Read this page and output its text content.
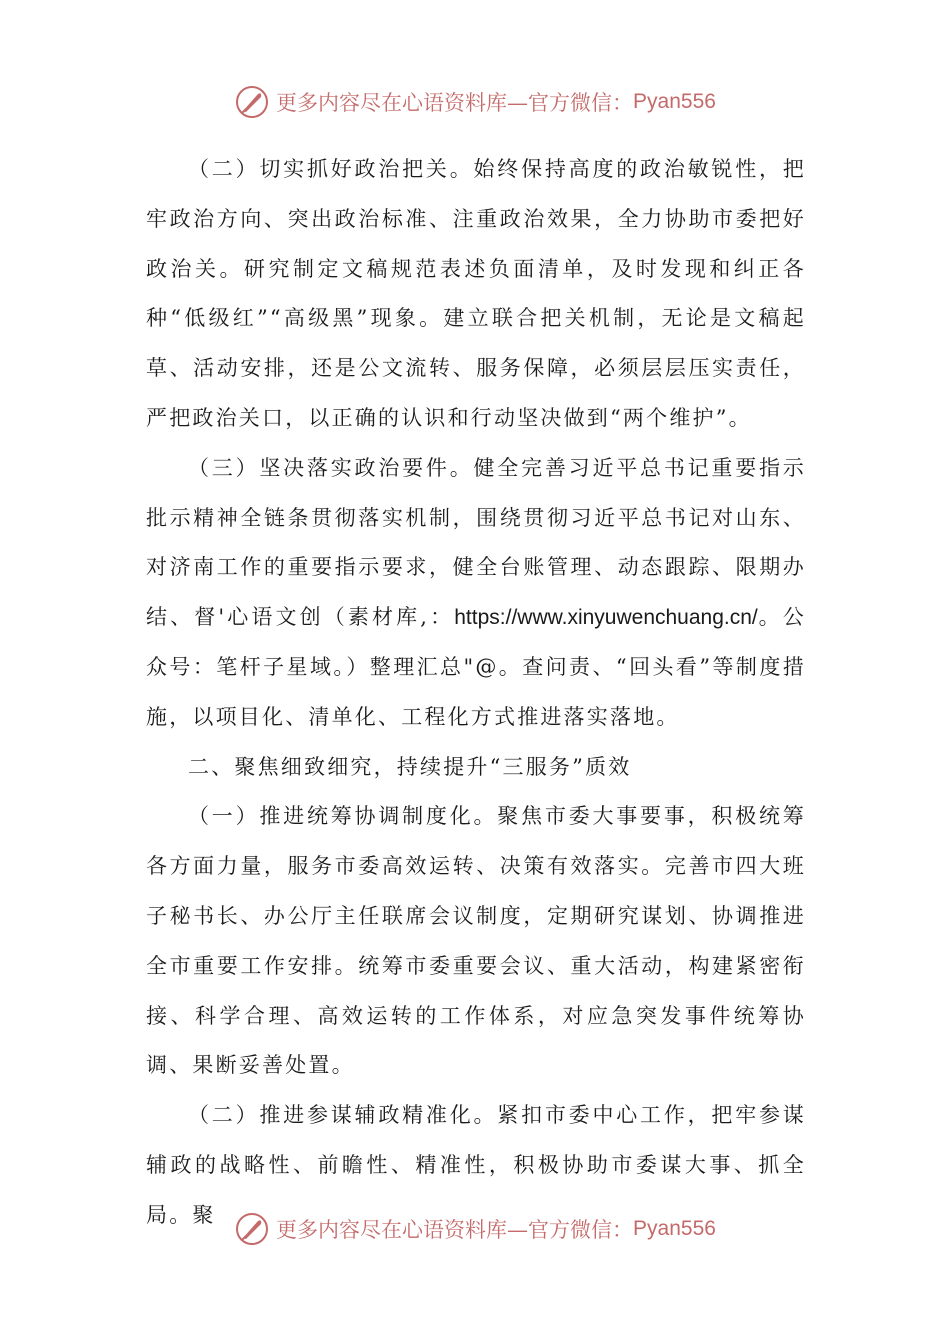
更多内容尽在心语资料库—官方微信： Pyan556

（二）切实抓好政治把关。始终保持高度的政治敏锐性，把牢政治方向、突出政治标准、注重政治效果，全力协助市委把好政治关。研究制定文稿规范表述负面清单，及时发现和纠正各种“低级红”“高级黑”现象。建立联合把关机制，无论是文稿起草、活动安排，还是公文流转、服务保障，必须层层压实责任，严把政治关口，以正确的认识和行动坚决做到“两个维护”。

（三）坚决落实政治要件。健全完善习近平总书记重要指示批示精神全链条贯彻落实机制，围绕贯彻习近平总书记对山东、对济南工作的重要指示要求，健全台账管理、动态跟踪、限期办结、督'心语文创（素材库,：https://www.xinyuwenchuang.cn/。公众号：笔杆子星域。）整理汇总"@。查问责、“回头看”等制度措施，以项目化、清单化、工程化方式推进落实落地。

二、聚焦细致细究，持续提升“三服务”质效

（一）推进统筹协调制度化。聚焦市委大事要事，积极统筹各方面力量，服务市委高效运转、决策有效落实。完善市四大班子秘书长、办公厅主任联席会议制度，定期研究谋划、协调推进全市重要工作安排。统筹市委重要会议、重大活动，构建紧密衔接、科学合理、高效运转的工作体系，对应急突发事件统筹协调、果断妥善处置。

（二）推进参谋辅政精准化。紧扣市委中心工作，把牢参谋辅政的战略性、前瞻性、精准性，积极协助市委谋大事、抓全局。聚

更多内容尽在心语资料库—官方微信： Pyan556
